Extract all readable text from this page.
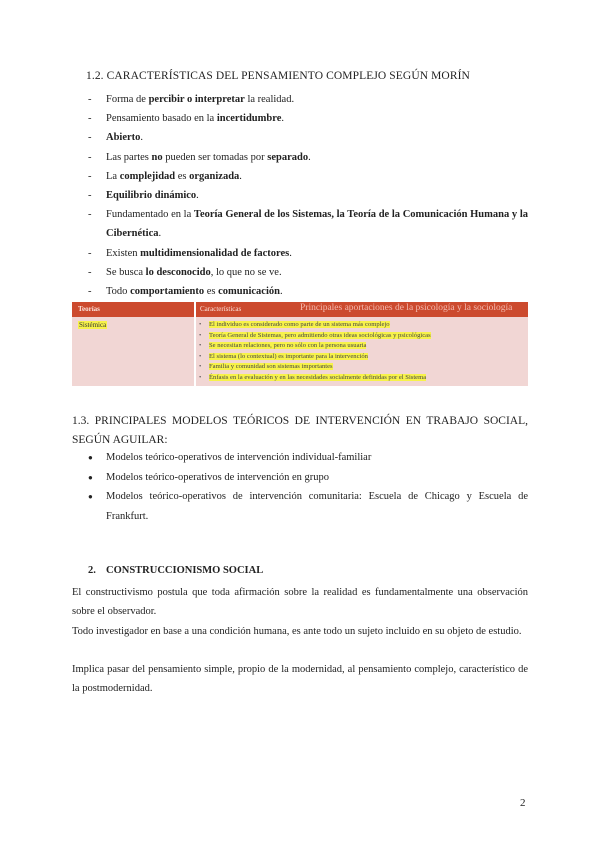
1.2. CARACTERÍSTICAS DEL PENSAMIENTO COMPLEJO SEGÚN MORÍN
- Forma de percibir o interpretar la realidad.
- Pensamiento basado en la incertidumbre.
- Abierto.
- Las partes no pueden ser tomadas por separado.
- La complejidad es organizada.
- Equilibrio dinámico.
- Fundamentado en la Teoría General de los Sistemas, la Teoría de la Comunicación Humana y la Cibernética.
- Existen multidimensionalidad de factores.
- Se busca lo desconocido, lo que no se ve.
- Todo comportamiento es comunicación.
Teorías	Características	Principales aportaciones de la psicología y la sociología
Sistémica
•	El individuo es considerado como parte de un sistema más complejo
• Teoría General de Sistemas, pero admitiendo otras ideas sociológicas y psicológicas
• Se necesitan relaciones, pero no sólo con la persona usuaria
• El sistema (lo contextual) es importante para la intervención
• Familia y comunidad son sistemas importantes
• Énfasis en la evaluación y en las necesidades socialmente definidas por el Sistema
1.3. PRINCIPALES MODELOS TEÓRICOS DE INTERVENCIÓN EN TRABAJO SOCIAL, SEGÚN AGUILAR:
● Modelos teórico-operativos de intervención individual-familiar
● Modelos teórico-operativos de intervención en grupo
● Modelos teórico-operativos de intervención comunitaria: Escuela de Chicago y Escuela de Frankfurt.
2. CONSTRUCCIONISMO SOCIAL
El constructivismo postula que toda afirmación sobre la realidad es fundamentalmente una observación sobre el observador.
Todo investigador en base a una condición humana, es ante todo un sujeto incluido en su objeto de estudio.
Implica pasar del pensamiento simple, propio de la modernidad, al pensamiento complejo, característico de la postmodernidad.
2
